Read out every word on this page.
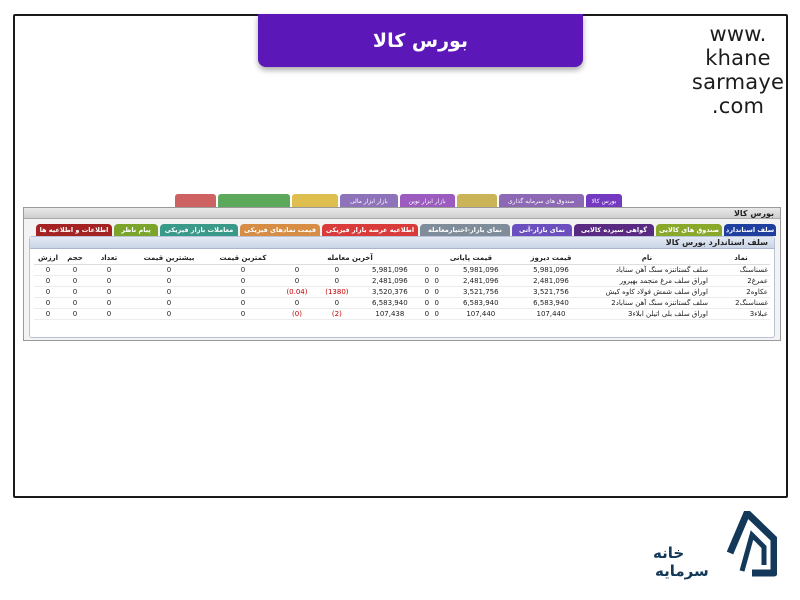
بورس کالا	www.
khane
sarmaye
.com
بورس کالا
صندوق های سرمایه گذاری
بازار ابزار نوین
بازار ابزار مالی
بورس کالا
سلف استاندارد
صندوق های کالایی
گواهی سپرده کالایی
نمای بازار-آتی
نمای بازار-اختیارمعامله
اطلاعیه عرضه بازار فیزیکی
قیمت نمادهای فیزیکی
معاملات بازار فیزیکی
پیام ناظر
اطلاعات و اطلاعیه ها
سلف استاندارد بورس کالا
نماد	نام	قیمت دیروز	قیمت پایانی			آخرین معامله			کمترین قیمت	بیشترین قیمت	تعداد	حجم	ارزش
غسناسنگ	سلف گستاتنزه سنگ آهن سناباد	5,981,096	5,981,096	0	0	5,981,096	0	0	0	0	0	0	0
عمرغ2	اوراق سلف مرغ منجمد بهپرور	2,481,096	2,481,096	0	0	2,481,096	0	0	0	0	0	0	0
عکاوه2	اوراق سلف شمش فولاد کاوه کیش	3,521,756	3,521,756	0	0	3,520,376	(1380)	(0.04)	0	0	0	0	0
غسناسنگ2	سلف گستاتنزه سنگ آهن سناباد2	6,583,940	6,583,940	0	0	6,583,940	0	0	0	0	0	0	0
عبلاء3	اوراق سلف بلی اتیلن ابلاء3	107,440	107,440	0	0	107,438	(2)	(0)	0	0	0	0	0
خانه
سرمایه
